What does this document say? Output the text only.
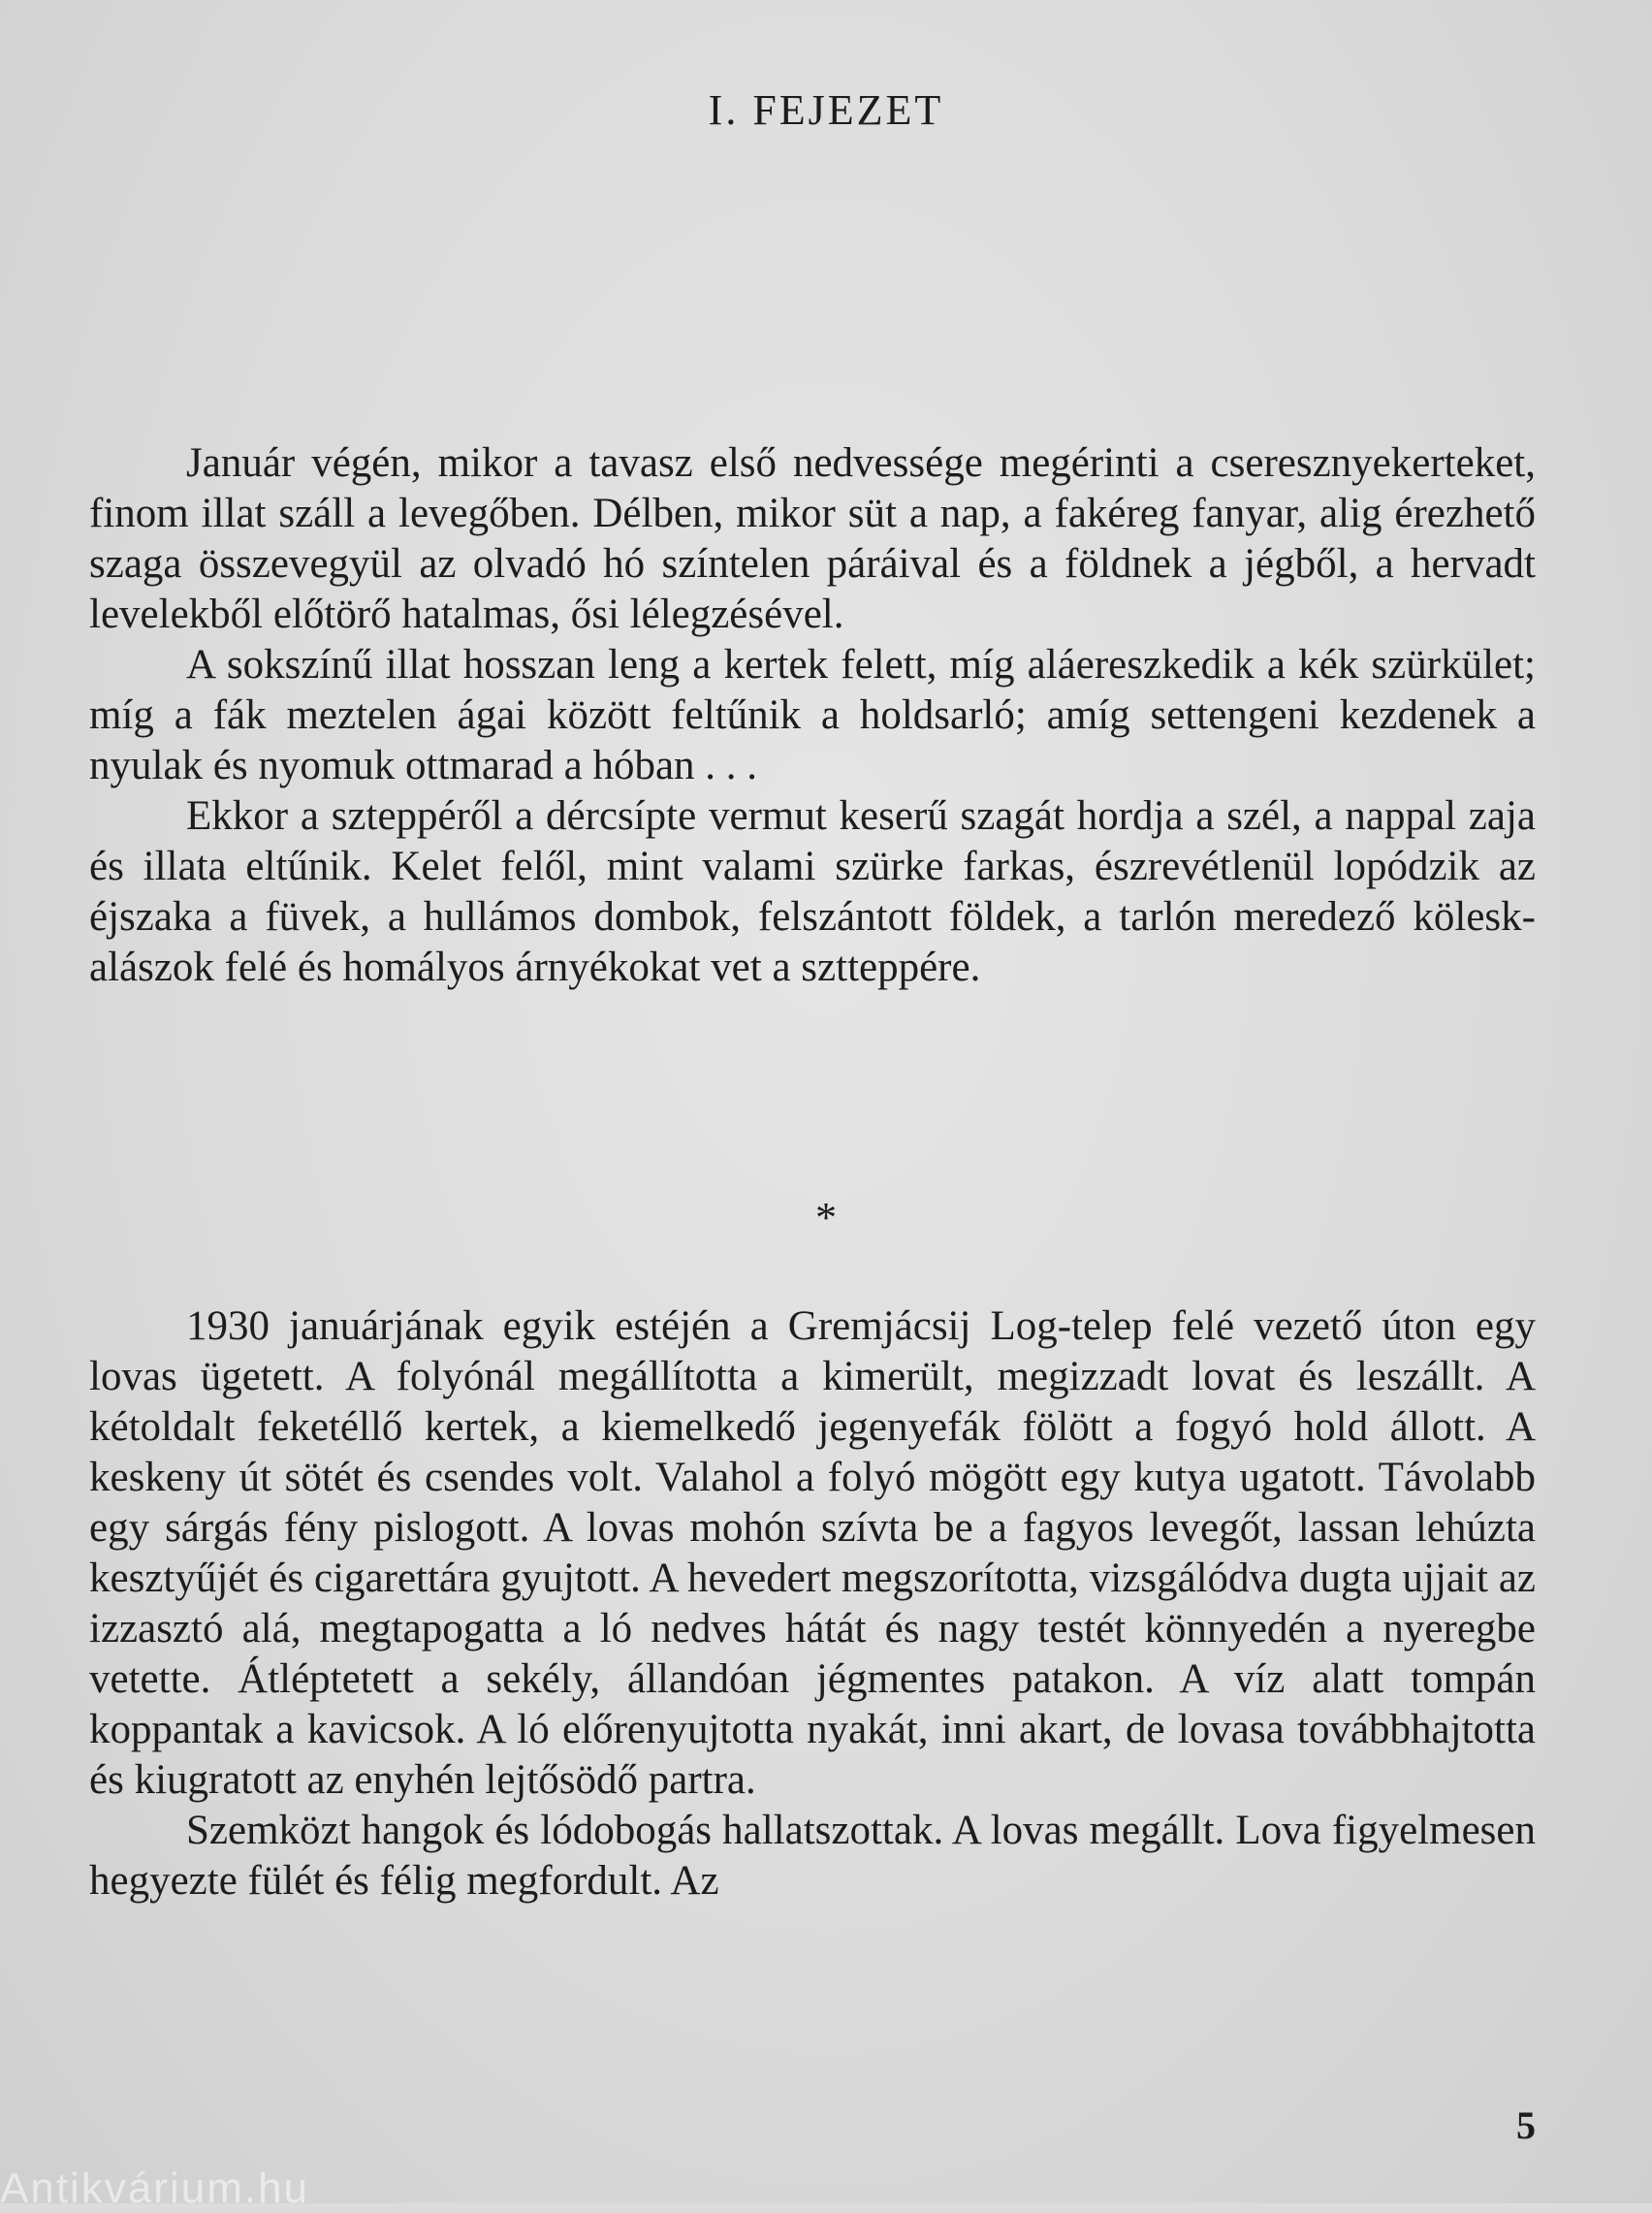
I. FEJEZET

Január végén, mikor a tavasz első nedvessége megérinti a cseresznyekerteket, finom illat száll a levegőben. Délben, mikor süt a nap, a fakéreg fanyar, alig érezhető szaga összevegyül az olvadó hó színtelen páráival és a földnek a jégből, a hervadt levelekből előtörő hatalmas, ősi lélegzésével.

A sokszínű illat hosszan leng a kertek felett, míg aláereszkedik a kék szürkület; míg a fák meztelen ágai között feltűnik a holdsarló; amíg settengeni kezdenek a nyulak és nyomuk ottmarad a hóban . . .

Ekkor a szteppéről a dércsípte vermut keserű szagát hordja a szél, a nappal zaja és illata eltűnik. Kelet felől, mint valami szürke farkas, észrevétlenül lopódzik az éjszaka a füvek, a hullámos dombok, felszántott földek, a tarlón meredező köleskalászok felé és homályos árnyékokat vet a sztteppére.

*

1930 januárjának egyik estéjén a Gremjácsij Log-telep felé vezető úton egy lovas ügetett. A folyónál megállította a kimerült, megizzadt lovat és leszállt. A kétoldalt feketéllő kertek, a kiemelkedő jegenyefák fölött a fogyó hold állott. A keskeny út sötét és csendes volt. Valahol a folyó mögött egy kutya ugatott. Távolabb egy sárgás fény pislogott. A lovas mohón szívta be a fagyos levegőt, lassan lehúzta kesztyűjét és cigarettára gyujtott. A hevedert megszorította, vizsgálódva dugta ujjait az izzasztó alá, megtapogatta a ló nedves hátát és nagy testét könnyedén a nyeregbe vetette. Átléptetett a sekély, állandóan jégmentes patakon. A víz alatt tompán koppantak a kavicsok. A ló előrenyujtotta nyakát, inni akart, de lovasa továbbhajtotta és kiugratott az enyhén lejtősödő partra.

Szemközt hangok és lódobogás hallatszottak. A lovas megállt. Lova figyelmesen hegyezte fülét és félig megfordult. Az

5
Antikvárium.hu
